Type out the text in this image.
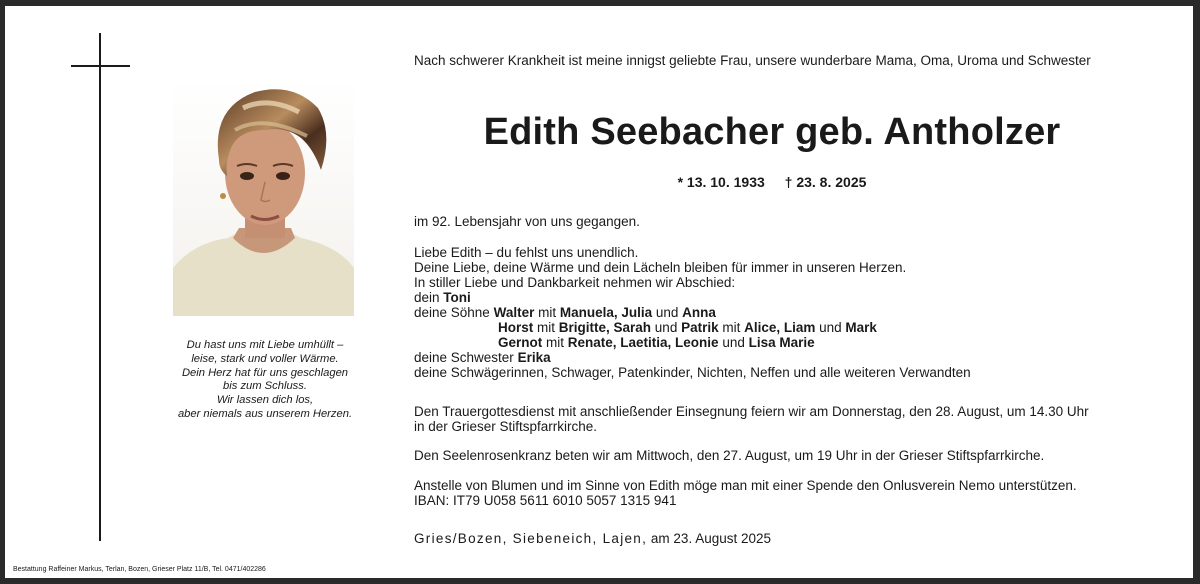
Du hast uns mit Liebe umhüllt –
leise, stark und voller Wärme.
Dein Herz hat für uns geschlagen
bis zum Schluss.
Wir lassen dich los,
aber niemals aus unserem Herzen.
Nach schwerer Krankheit ist meine innigst geliebte Frau, unsere wunderbare Mama, Oma, Uroma und Schwester
Edith Seebacher geb. Antholzer
* 13. 10. 1933 † 23. 8. 2025
im 92. Lebensjahr von uns gegangen.
Liebe Edith – du fehlst uns unendlich.
Deine Liebe, deine Wärme und dein Lächeln bleiben für immer in unseren Herzen.
In stiller Liebe und Dankbarkeit nehmen wir Abschied:
dein Toni
deine Söhne Walter mit Manuela, Julia und Anna
Horst mit Brigitte, Sarah und Patrik mit Alice, Liam und Mark
Gernot mit Renate, Laetitia, Leonie und Lisa Marie
deine Schwester Erika
deine Schwägerinnen, Schwager, Patenkinder, Nichten, Neffen und alle weiteren Verwandten
Den Trauergottesdienst mit anschließender Einsegnung feiern wir am Donnerstag, den 28. August, um 14.30 Uhr
in der Grieser Stiftspfarrkirche.
Den Seelenrosenkranz beten wir am Mittwoch, den 27. August, um 19 Uhr in der Grieser Stiftspfarrkirche.
Anstelle von Blumen und im Sinne von Edith möge man mit einer Spende den Onlusverein Nemo unterstützen.
IBAN: IT79 U058 5611 6010 5057 1315 941
Gries/Bozen, Siebeneich, Lajen, am 23. August 2025
Bestattung Raffeiner Markus, Terlan, Bozen, Grieser Platz 11/B, Tel. 0471/402286
